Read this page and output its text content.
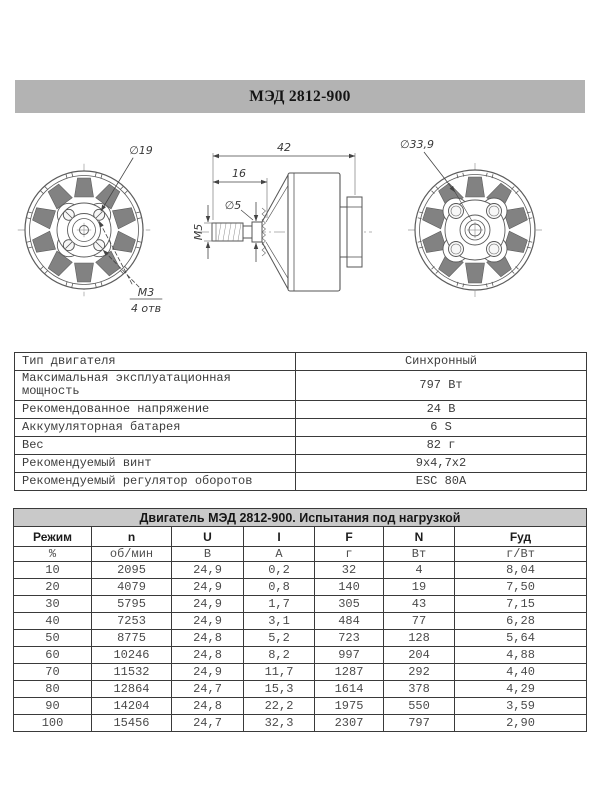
МЭД 2812-900
∅19
М3
4 отв
42
16
∅5
М5
∅33,9
Тип двигателя	Синхронный
Максимальная эксплуатационная мощность	797 Вт
Рекомендованное напряжение	24 В
Аккумуляторная батарея	6 S
Вес	82 г
Рекомендуемый винт	9x4,7x2
Рекомендуемый регулятор оборотов	ESC 80A
Двигатель МЭД 2812-900. Испытания под нагрузкой						
Режим	n	U	I	F	N	Fуд
%	об/мин	В	А	г	Вт	г/Вт
10	2095	24,9	0,2	32	4	8,04
20	4079	24,9	0,8	140	19	7,50
30	5795	24,9	1,7	305	43	7,15
40	7253	24,9	3,1	484	77	6,28
50	8775	24,8	5,2	723	128	5,64
60	10246	24,8	8,2	997	204	4,88
70	11532	24,9	11,7	1287	292	4,40
80	12864	24,7	15,3	1614	378	4,29
90	14204	24,8	22,2	1975	550	3,59
100	15456	24,7	32,3	2307	797	2,90
